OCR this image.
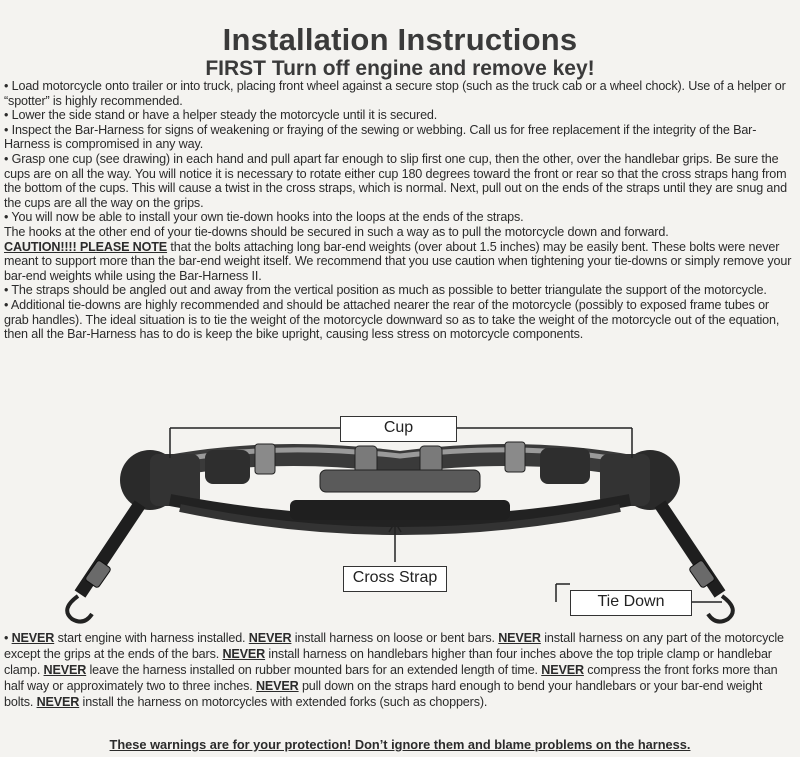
Installation Instructions
FIRST Turn off engine and remove key!

• Load motorcycle onto trailer or into truck, placing front wheel against a secure stop (such as the truck cab or a wheel chock). Use of a helper or “spotter” is highly recommended.

• Lower the side stand or have a helper steady the motorcycle until it is secured.

• Inspect the Bar-Harness for signs of weakening or fraying of the sewing or webbing. Call us for free replacement if the integrity of the Bar-Harness is compromised in any way.

• Grasp one cup (see drawing) in each hand and pull apart far enough to slip first one cup, then the other, over the handlebar grips. Be sure the cups are on all the way. You will notice it is necessary to rotate either cup 180 degrees toward the front or rear so that the cross straps hang from the bottom of the cups. This will cause a twist in the cross straps, which is normal. Next, pull out on the ends of the straps until they are snug and the cups are all the way on the grips.

• You will now be able to install your own tie-down hooks into the loops at the ends of the straps.

The hooks at the other end of your tie-downs should be secured in such a way as to pull the motorcycle down and forward.

CAUTION!!!! PLEASE NOTE that the bolts attaching long bar-end weights (over about 1.5 inches) may be easily bent. These bolts were never meant to support more than the bar-end weight itself. We recommend that you use caution when tightening your tie-downs or simply remove your bar-end weights while using the Bar-Harness II.

• The straps should be angled out and away from the vertical position as much as possible to better triangulate the support of the motorcycle.

• Additional tie-downs are highly recommended and should be attached nearer the rear of the motorcycle (possibly to exposed frame tubes or grab handles). The ideal situation is to tie the weight of the motorcycle downward so as to take the weight of the motorcycle out of the equation, then all the Bar-Harness has to do is keep the bike upright, causing less stress on motorcycle components.

Cup
Cross Strap
Tie Down

• NEVER start engine with harness installed. NEVER install harness on loose or bent bars. NEVER install harness on any part of the motorcycle except the grips at the ends of the bars. NEVER install harness on handlebars higher than four inches above the top triple clamp or handlebar clamp. NEVER leave the harness installed on rubber mounted bars for an extended length of time. NEVER compress the front forks more than half way or approximately two to three inches. NEVER pull down on the straps hard enough to bend your handlebars or your bar-end weight bolts. NEVER install the harness on motorcycles with extended forks (such as choppers).

These warnings are for your protection! Don’t ignore them and blame problems on the harness.
